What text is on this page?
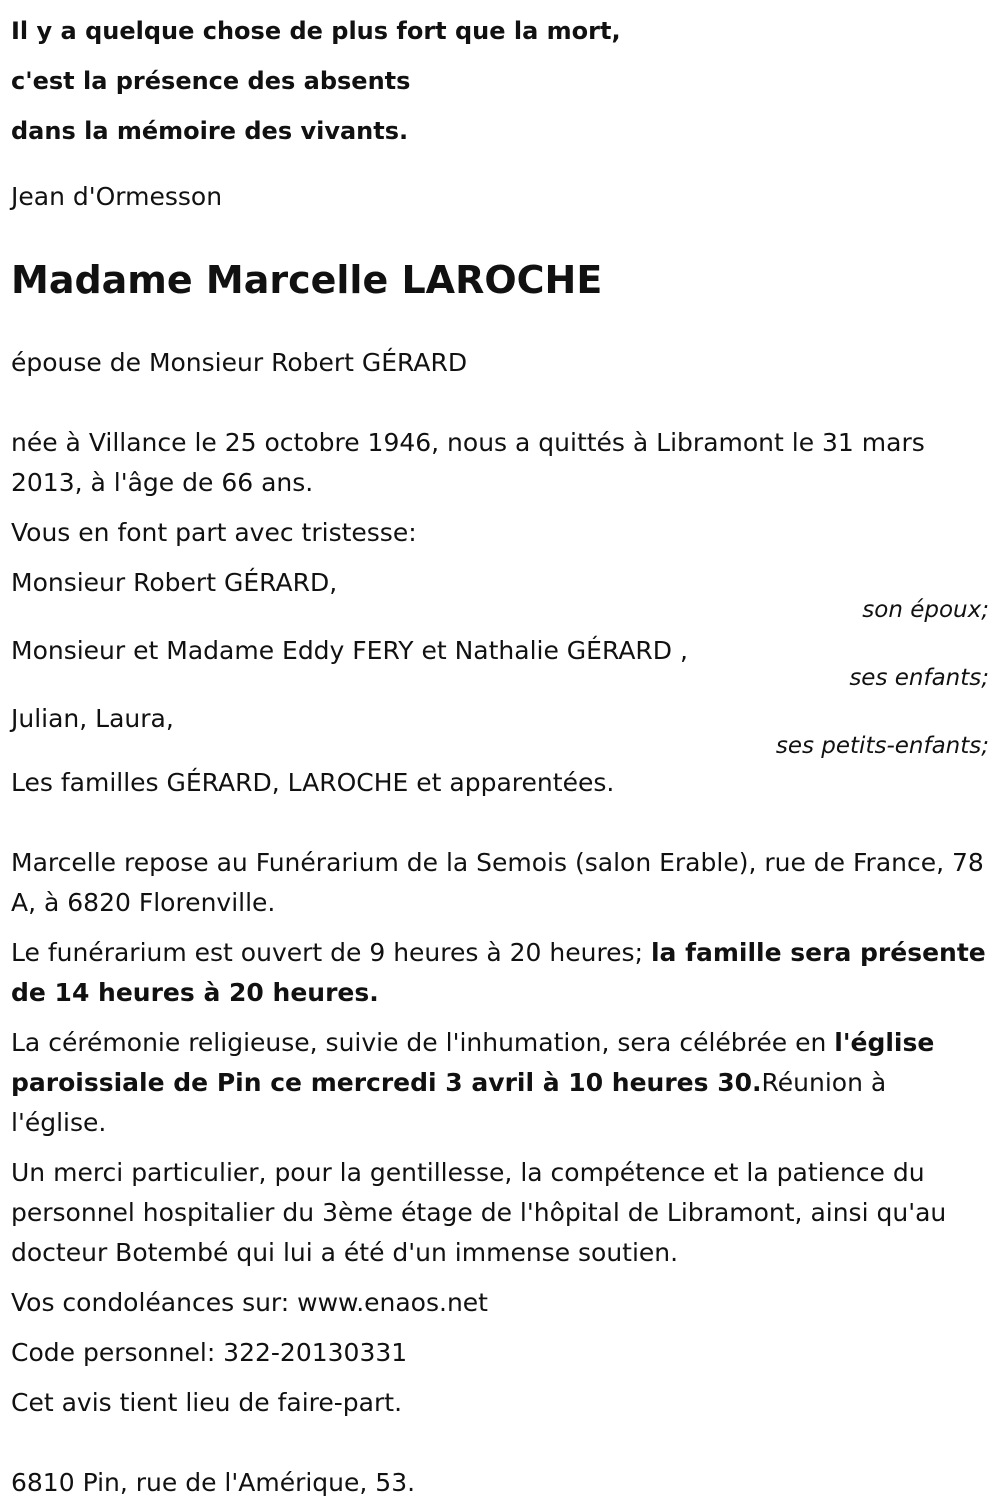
Il y a quelque chose de plus fort que la mort,
c'est la présence des absents
dans la mémoire des vivants.
Jean d'Ormesson
Madame Marcelle LAROCHE
épouse de Monsieur Robert GÉRARD
née à Villance le 25 octobre 1946, nous a quittés à Libramont le 31 mars 2013, à l'âge de 66 ans.
Vous en font part avec tristesse:
Monsieur Robert GÉRARD,
son époux;
Monsieur et Madame Eddy FERY et Nathalie GÉRARD ,
ses enfants;
Julian, Laura,
ses petits-enfants;
Les familles GÉRARD, LAROCHE et apparentées.
Marcelle repose au Funérarium de la Semois (salon Erable), rue de France, 78 A, à 6820 Florenville.
Le funérarium est ouvert de 9 heures à 20 heures; la famille sera présente de 14 heures à 20 heures.
La cérémonie religieuse, suivie de l'inhumation, sera célébrée en l'église paroissiale de Pin ce mercredi 3 avril à 10 heures 30.Réunion à l'église.
Un merci particulier, pour la gentillesse, la compétence et la patience du personnel hospitalier du 3ème étage de l'hôpital de Libramont, ainsi qu'au docteur Botembé qui lui a été d'un immense soutien.
Vos condoléances sur: www.enaos.net
Code personnel: 322-20130331
Cet avis tient lieu de faire-part.
6810 Pin, rue de l'Amérique, 53.
